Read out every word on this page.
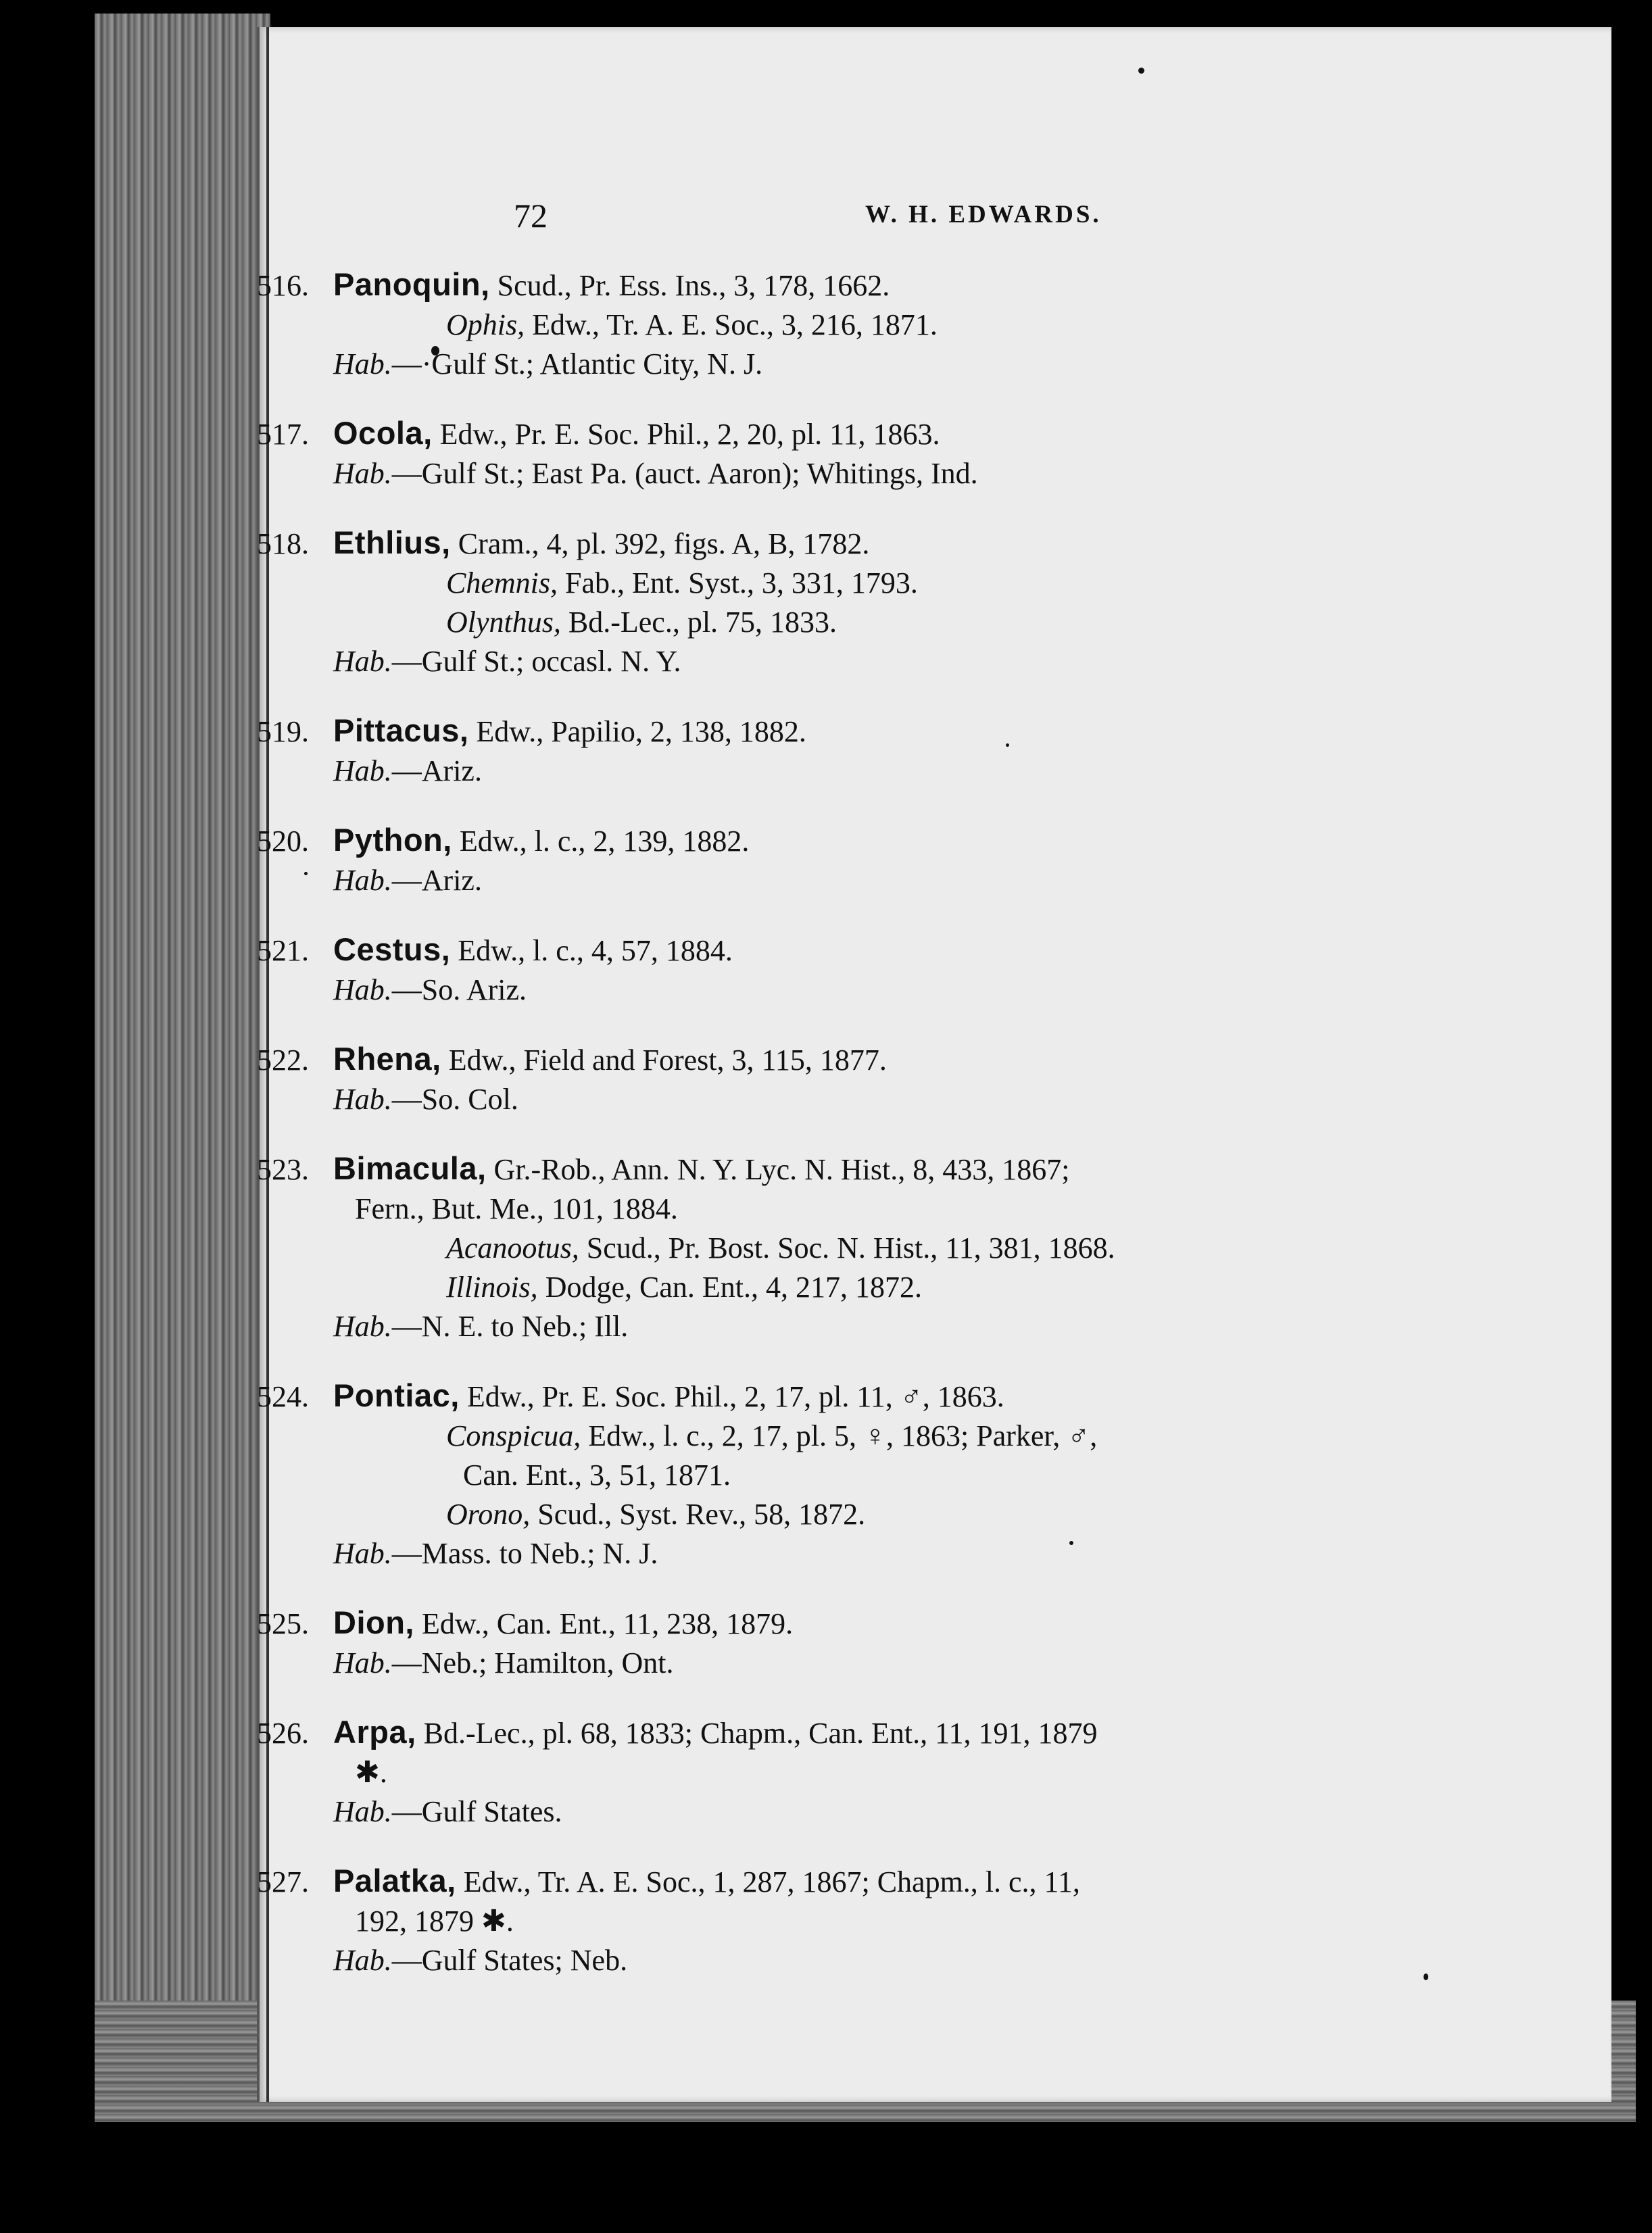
72	W. H. EDWARDS.
516. Panoquin, Scud., Pr. Ess. Ins., 3, 178, 1662.
Ophis, Edw., Tr. A. E. Soc., 3, 216, 1871.
Hab.—·Gulf St.; Atlantic City, N. J.
517. Ocola, Edw., Pr. E. Soc. Phil., 2, 20, pl. 11, 1863.
Hab.—Gulf St.; East Pa. (auct. Aaron); Whitings, Ind.
518. Ethlius, Cram., 4, pl. 392, figs. A, B, 1782.
Chemnis, Fab., Ent. Syst., 3, 331, 1793.
Olynthus, Bd.-Lec., pl. 75, 1833.
Hab.—Gulf St.; occasl. N. Y.
519. Pittacus, Edw., Papilio, 2, 138, 1882.
Hab.—Ariz.
520. Python, Edw., l. c., 2, 139, 1882.
Hab.—Ariz.
521. Cestus, Edw., l. c., 4, 57, 1884.
Hab.—So. Ariz.
522. Rhena, Edw., Field and Forest, 3, 115, 1877.
Hab.—So. Col.
523. Bimacula, Gr.-Rob., Ann. N. Y. Lyc. N. Hist., 8, 433, 1867;
Fern., But. Me., 101, 1884.
Acanootus, Scud., Pr. Bost. Soc. N. Hist., 11, 381, 1868.
Illinois, Dodge, Can. Ent., 4, 217, 1872.
Hab.—N. E. to Neb.; Ill.
524. Pontiac, Edw., Pr. E. Soc. Phil., 2, 17, pl. 11, ♂, 1863.
Conspicua, Edw., l. c., 2, 17, pl. 5, ♀, 1863; Parker, ♂,
Can. Ent., 3, 51, 1871.
Orono, Scud., Syst. Rev., 58, 1872.
Hab.—Mass. to Neb.; N. J.
525. Dion, Edw., Can. Ent., 11, 238, 1879.
Hab.—Neb.; Hamilton, Ont.
526. Arpa, Bd.-Lec., pl. 68, 1833; Chapm., Can. Ent., 11, 191, 1879
✱.
Hab.—Gulf States.
527. Palatka, Edw., Tr. A. E. Soc., 1, 287, 1867; Chapm., l. c., 11,
192, 1879 ✱.
Hab.—Gulf States; Neb.
